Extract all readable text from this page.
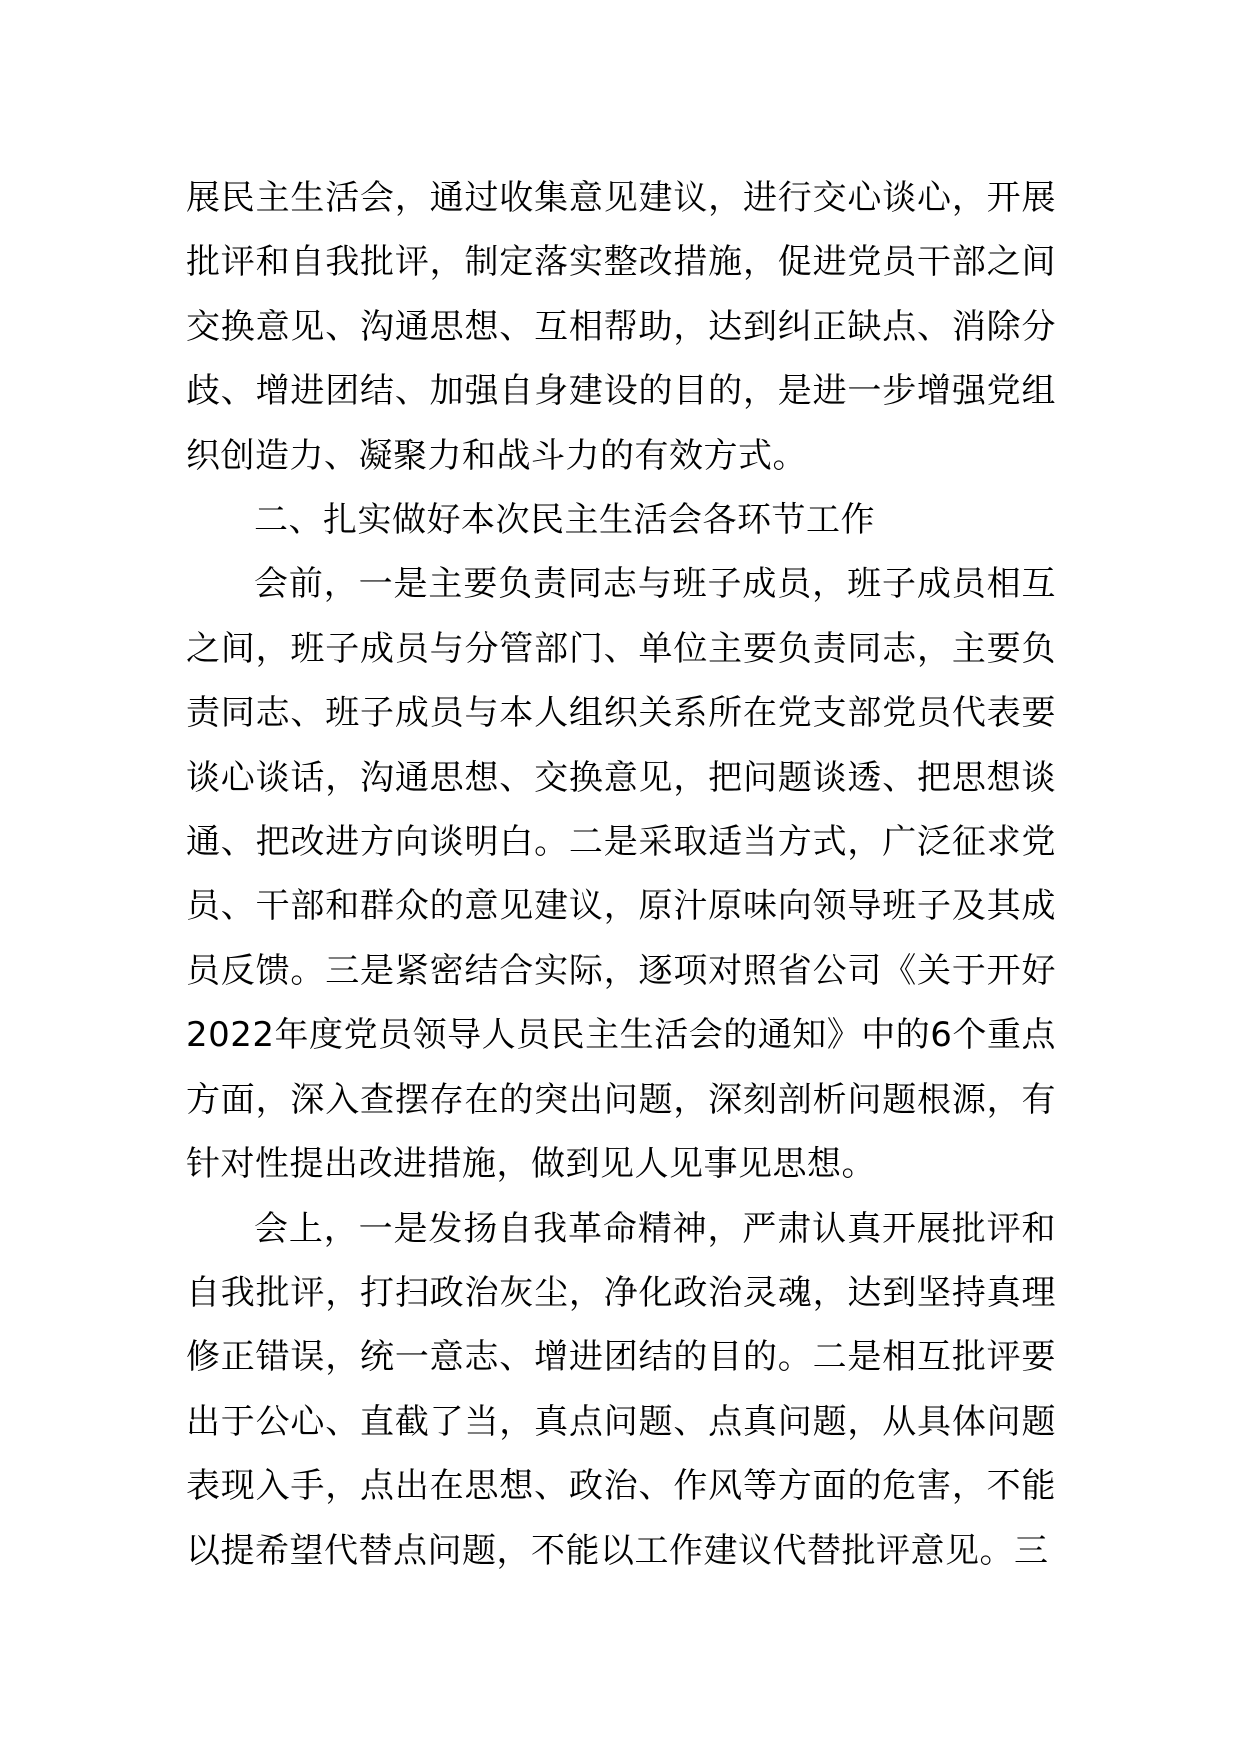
展民主生活会，通过收集意见建议，进行交心谈心，开展批评和自我批评，制定落实整改措施，促进党员干部之间交换意见、沟通思想、互相帮助，达到纠正缺点、消除分歧、增进团结、加强自身建设的目的，是进一步增强党组织创造力、凝聚力和战斗力的有效方式。

二、扎实做好本次民主生活会各环节工作

会前，一是主要负责同志与班子成员，班子成员相互之间，班子成员与分管部门、单位主要负责同志，主要负责同志、班子成员与本人组织关系所在党支部党员代表要谈心谈话，沟通思想、交换意见，把问题谈透、把思想谈通、把改进方向谈明白。二是采取适当方式，广泛征求党员、干部和群众的意见建议，原汁原味向领导班子及其成员反馈。三是紧密结合实际，逐项对照省公司《关于开好2022年度党员领导人员民主生活会的通知》中的6个重点方面，深入查摆存在的突出问题，深刻剖析问题根源，有针对性提出改进措施，做到见人见事见思想。

会上，一是发扬自我革命精神，严肃认真开展批评和自我批评，打扫政治灰尘，净化政治灵魂，达到坚持真理修正错误，统一意志、增进团结的目的。二是相互批评要出于公心、直截了当，真点问题、点真问题，从具体问题表现入手，点出在思想、政治、作风等方面的危害，不能以提希望代替点问题，不能以工作建议代替批评意见。三
